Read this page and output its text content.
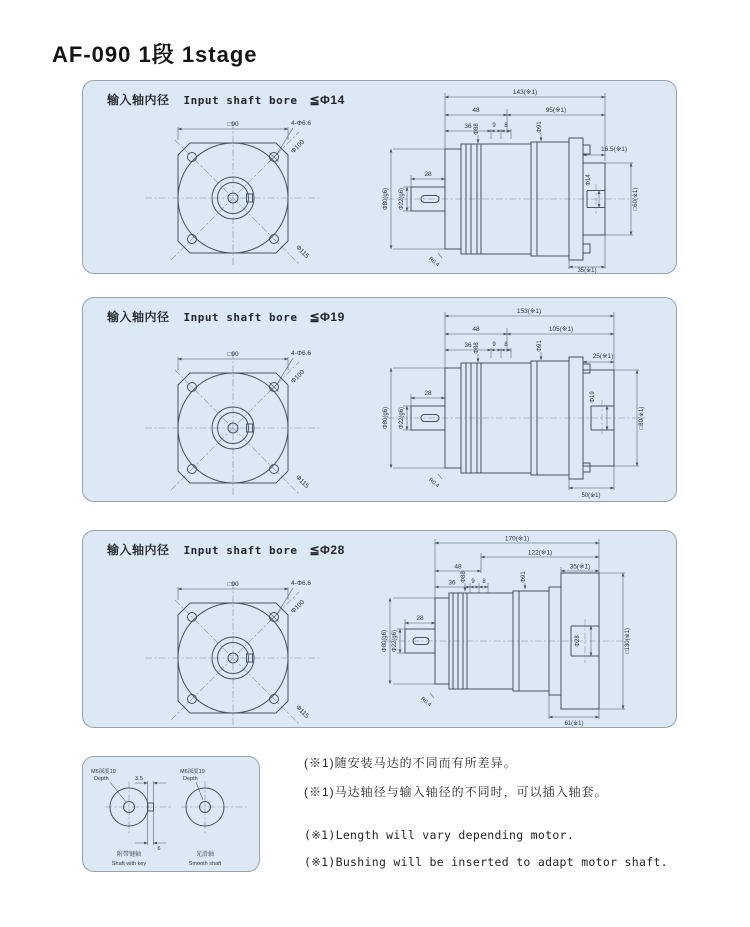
AF-090 1段 1stage
输入轴内径 Input shaft bore ≦Φ14
□90	4-Φ6.6
Φ100
Φ115
143(※1)
48	95(※1)
36	9 8
28
16.5(※1)
Φ80(g6) Φ22(g6)
Φ88	Φ91
Φ14
□60(※1)
35(※1)
R0.4
输入轴内径 Input shaft bore ≦Φ19
□90	4-Φ6.6
Φ100
Φ115
153(※1)
48	105(※1)
36	9 8
28
25(※1)
Φ80(g6) Φ22(g6)
Φ88	Φ91
Φ19
□80(※1)
50(※1)
R0.4
输入轴内径 Input shaft bore ≦Φ28
□90	4-Φ6.6
Φ100
Φ115
170(※1)
122(※1)
48	35(※1)
36	9 8
28
Φ80(g6) Φ22(g6)
Φ88	Φ91
Φ28	□130(※1)
61(※1)
R0.4
3.5
6
M6深度19
Depth
M6深度19
Depth
附带键轴
Shaft with key
光滑轴
Smooth shaft
(※1)随安装马达的不同而有所差异。
(※1)马达轴径与输入轴径的不同时，可以插入轴套。
(※1)Length will vary depending motor.
(※1)Bushing will be inserted to adapt motor shaft.
